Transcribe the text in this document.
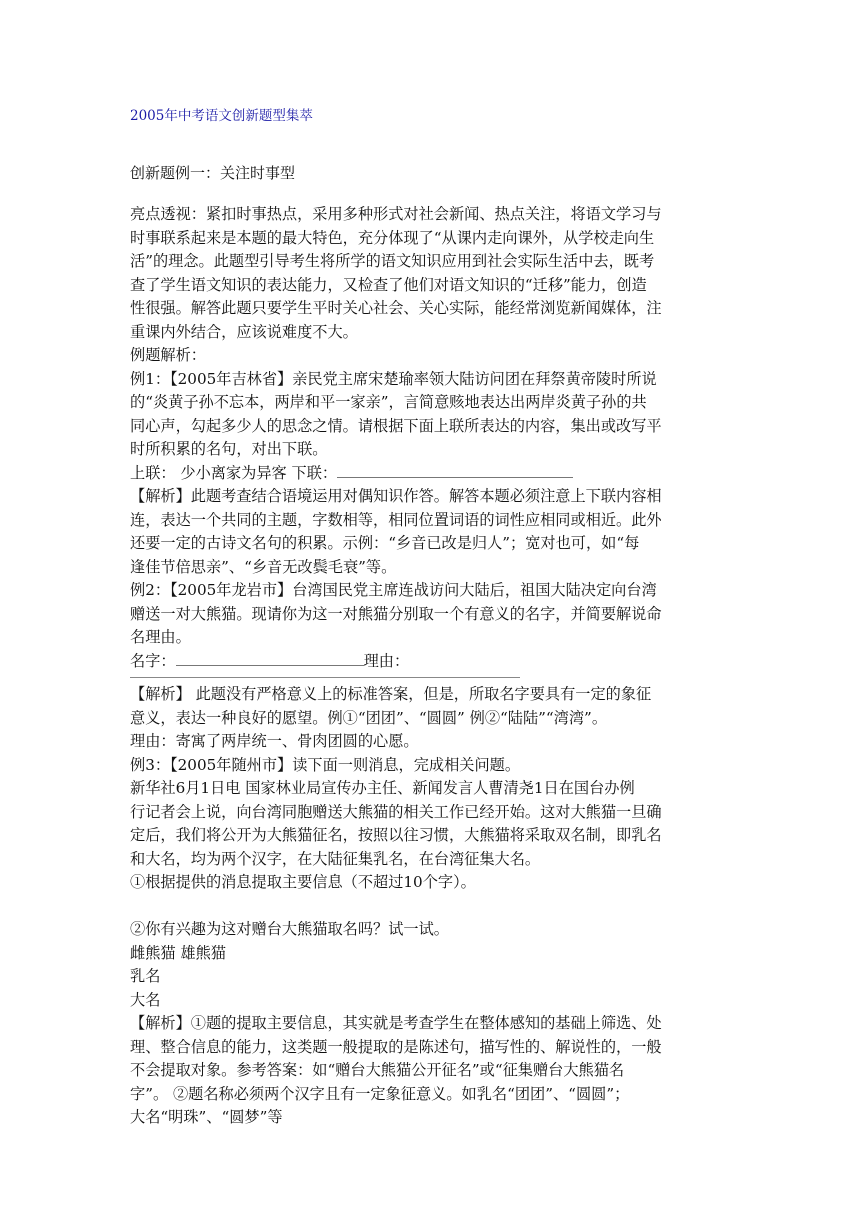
2005年中考语文创新题型集萃
创新题例一：关注时事型
亮点透视：紧扣时事热点，采用多种形式对社会新闻、热点关注，将语文学习与
时事联系起来是本题的最大特色，充分体现了“从课内走向课外，从学校走向生
活”的理念。此题型引导考生将所学的语文知识应用到社会实际生活中去，既考
查了学生语文知识的表达能力，又检查了他们对语文知识的“迁移”能力，创造
性很强。解答此题只要学生平时关心社会、关心实际，能经常浏览新闻媒体，注
重课内外结合，应该说难度不大。
例题解析：
例1：【2005年吉林省】亲民党主席宋楚瑜率领大陆访问团在拜祭黄帝陵时所说
的“炎黄子孙不忘本，两岸和平一家亲”，言简意赅地表达出两岸炎黄子孙的共
同心声，勾起多少人的思念之情。请根据下面上联所表达的内容，集出或改写平
时所积累的名句，对出下联。
上联： 少小离家为异客 下联：
【解析】此题考查结合语境运用对偶知识作答。解答本题必须注意上下联内容相
连，表达一个共同的主题，字数相等，相同位置词语的词性应相同或相近。此外
还要一定的古诗文名句的积累。示例：“乡音已改是归人”；宽对也可，如“每
逢佳节倍思亲”、“乡音无改鬓毛衰”等。
例2：【2005年龙岩市】台湾国民党主席连战访问大陆后，祖国大陆决定向台湾
赠送一对大熊猫。现请你为这一对熊猫分别取一个有意义的名字，并简要解说命
名理由。
名字：	理由：
【解析】 此题没有严格意义上的标准答案，但是，所取名字要具有一定的象征
意义，表达一种良好的愿望。例①“团团”、“圆圆” 例②“陆陆”“湾湾”。
理由：寄寓了两岸统一、骨肉团圆的心愿。
例3：【2005年随州市】读下面一则消息，完成相关问题。
新华社6月1日电 国家林业局宣传办主任、新闻发言人曹清尧1日在国台办例
行记者会上说，向台湾同胞赠送大熊猫的相关工作已经开始。这对大熊猫一旦确
定后，我们将公开为大熊猫征名，按照以往习惯，大熊猫将采取双名制，即乳名
和大名，均为两个汉字，在大陆征集乳名，在台湾征集大名。
①根据提供的消息提取主要信息（不超过10个字）。
②你有兴趣为这对赠台大熊猫取名吗？试一试。
雌熊猫 雄熊猫
乳名
大名
【解析】①题的提取主要信息，其实就是考查学生在整体感知的基础上筛选、处
理、整合信息的能力，这类题一般提取的是陈述句，描写性的、解说性的，一般
不会提取对象。参考答案：如“赠台大熊猫公开征名”或“征集赠台大熊猫名
字”。 ②题名称必须两个汉字且有一定象征意义。如乳名“团团”、“圆圆”；
大名“明珠”、“圆梦”等
